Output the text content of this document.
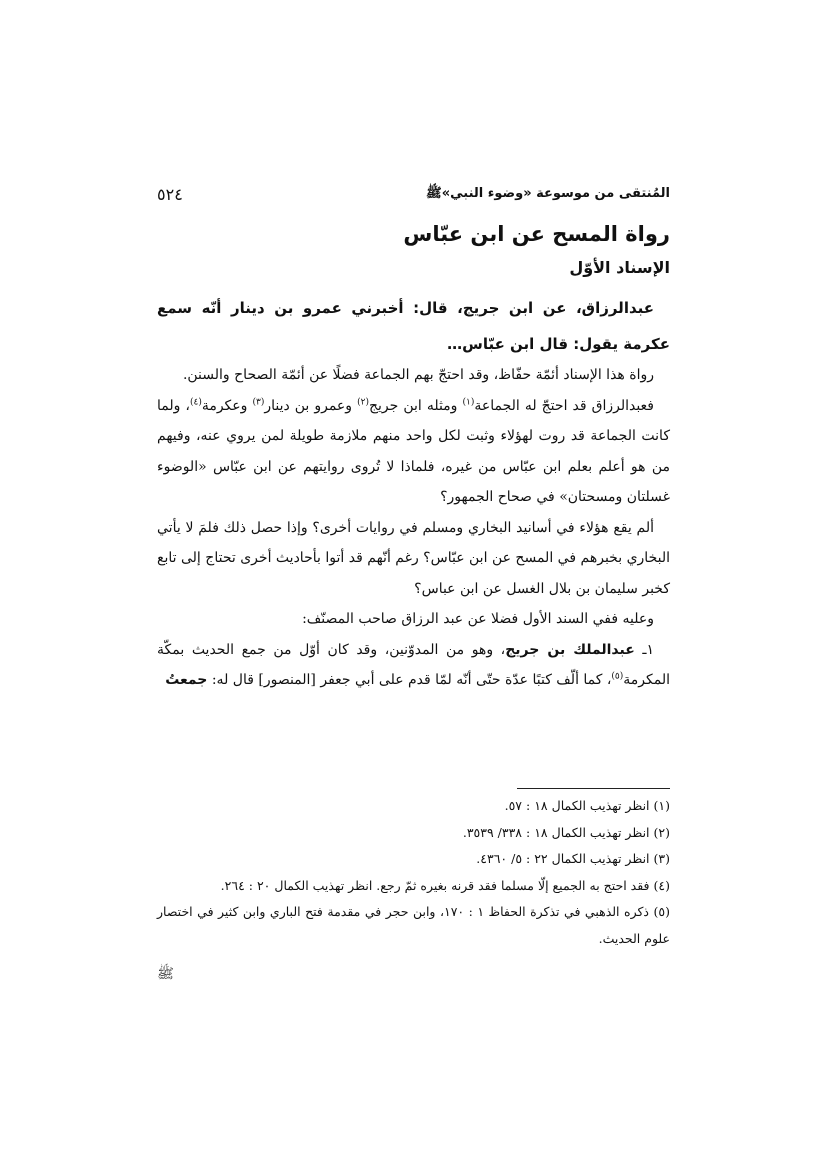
المُنتقى من موسوعة «وضوء النبي»ﷺ
٥٢٤
رواة المسح عن ابن عبّاس
الإسناد الأوّل
عبدالرزاق، عن ابن جريج، قال: أخبرني عمرو بن دينار أنّه سمع عكرمة يقول: قال ابن عبّاس…

رواة هذا الإسناد أئمّة حفّاظ، وقد احتجّ بهم الجماعة فضلًا عن أئمّة الصحاح والسنن.

فعبدالرزاق قد احتجّ له الجماعة$^{(١)}$ ومثله ابن جريج$^{(٢)}$ وعمرو بن دينار$^{(٣)}$ وعكرمة$^{(٤)}$، ولما كانت الجماعة قد روت لهؤلاء وثبت لكل واحد منهم ملازمة طويلة لمن يروي عنه، وفيهم من هو أعلم بعلم ابن عبّاس من غيره، فلماذا لا تُروى روايتهم عن ابن عبّاس «الوضوء غسلتان ومسحتان» في صحاح الجمهور؟

ألم يقع هؤلاء في أسانيد البخاري ومسلم في روايات أخرى؟ وإذا حصل ذلك فلمَ لا يأتي البخاري بخبرهم في المسح عن ابن عبّاس؟ رغم أنّهم قد أتوا بأحاديث أخرى تحتاج إلى تابع كخبر سليمان بن بلال الغسل عن ابن عباس؟

وعليه ففي السند الأول فضلا عن عبد الرزاق صاحب المصنّف:

١ـ عبدالملك بن جريج، وهو من المدوّنين، وقد كان أوّل من جمع الحديث بمكّة المكرمة$^{(٥)}$، كما ألّف كتبًا عدّة حتّى أنّه لمّا قدم على أبي جعفر [المنصور] قال له: جمعتُ

(١) انظر تهذيب الكمال ١٨ : ٥٧.
(٢) انظر تهذيب الكمال ١٨ : ٣٣٨/ ٣٥٣٩.
(٣) انظر تهذيب الكمال ٢٢ : ٥/ ٤٣٦٠.
(٤) فقد احتج به الجميع إلّا مسلما فقد قرنه بغيره ثمّ رجع. انظر تهذيب الكمال ٢٠ : ٢٦٤.
(٥) ذكره الذهبي في تذكرة الحفاظ ١ : ١٧٠، وابن حجر في مقدمة فتح الباري وابن كثير في اختصار علوم الحديث.
ﷺ
